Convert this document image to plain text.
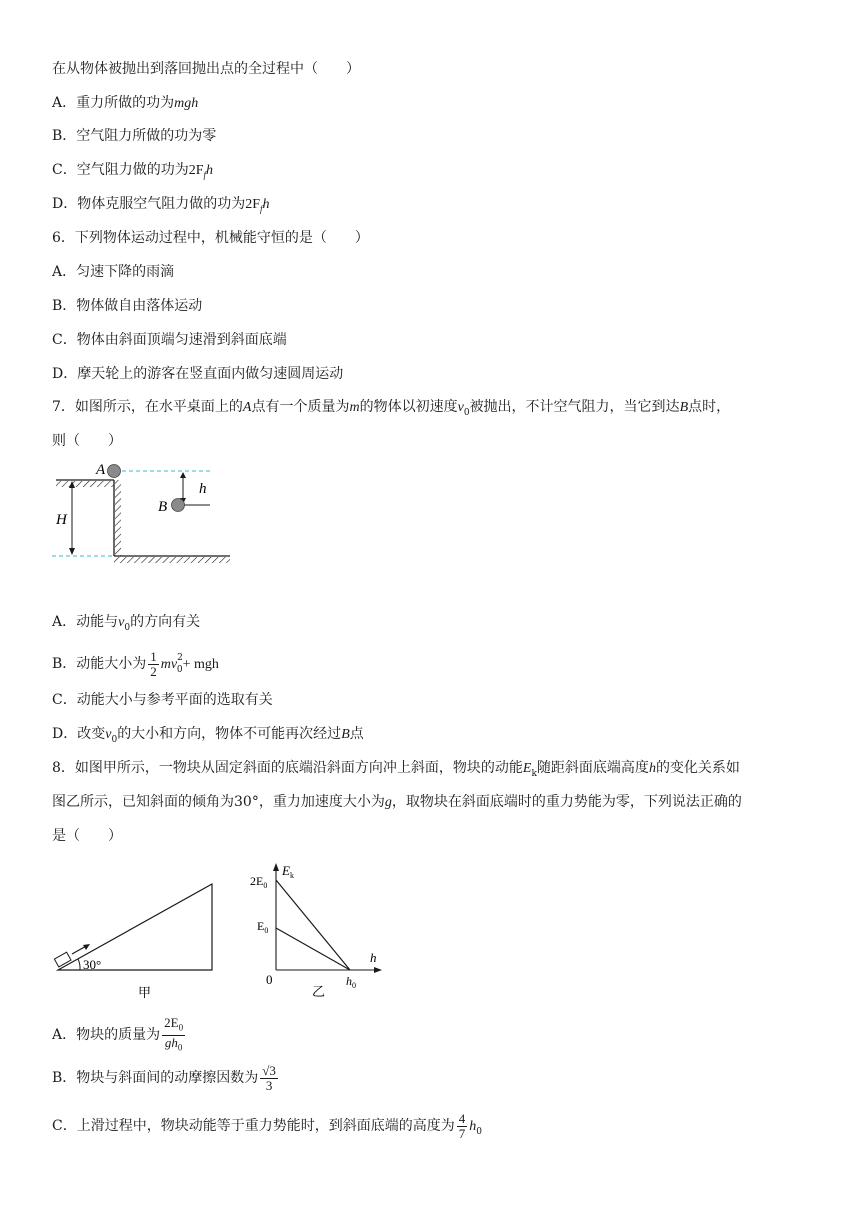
在从物体被抛出到落回抛出点的全过程中（　　）
A．重力所做的功为mgh
B．空气阻力所做的功为零
C．空气阻力做的功为$2F_fh$
D．物体克服空气阻力做的功为$2F_fh$
6．下列物体运动过程中，机械能守恒的是（　　）
A．匀速下降的雨滴
B．物体做自由落体运动
C．物体由斜面顶端匀速滑到斜面底端
D．摩天轮上的游客在竖直面内做匀速圆周运动
7．如图所示，在水平桌面上的A点有一个质量为m的物体以初速度$v_0$被抛出，不计空气阻力，当它到达B点时，
则（　　）
H
A
h
B
A．动能与$v_0$的方向有关
B．动能大小为 $\frac{1}{2} mv^2_0+$ mgh
C．动能大小与参考平面的选取有关
D．改变$v_0$的大小和方向，物体不可能再次经过B点
8．如图甲所示，一物块从固定斜面的底端沿斜面方向冲上斜面，物块的动能$E_k$随距斜面底端高度h的变化关系如
图乙所示，已知斜面的倾角为30°，重力加速度大小为g，取物块在斜面底端时的重力势能为零，下列说法正确的
是（　　）
30°
甲
$E_k$
$2E_0$
$E_0$
0
h
$h_0$
乙
A．物块的质量为 $\frac{2E_0}{gh_0}$
B．物块与斜面间的动摩擦因数为 $\frac{√3}{3}$
C．上滑过程中，物块动能等于重力势能时，到斜面底端的高度为 $\frac{4}{7} h_0$
